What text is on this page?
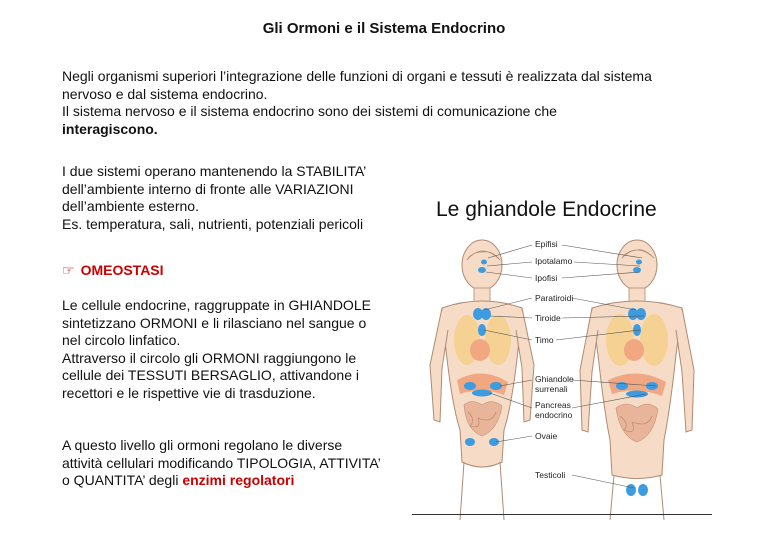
Gli Ormoni e il Sistema Endocrino

Negli organismi superiori l’integrazione delle funzioni di organi e tessuti è realizzata dal sistema

nervoso e dal sistema endocrino.

Il sistema nervoso e il sistema endocrino sono dei sistemi di comunicazione che

interagiscono.

I due sistemi operano mantenendo la STABILITA’

dell’ambiente interno di fronte alle VARIAZIONI

dell’ambiente esterno.

Es. temperatura, sali, nutrienti, potenziali pericoli

☞ OMEOSTASI

Le cellule endocrine, raggruppate in GHIANDOLE

sintetizzano ORMONI e li rilasciano nel sangue o

nel circolo linfatico.

Attraverso il circolo gli ORMONI raggiungono le

cellule dei TESSUTI BERSAGLIO, attivandone i

recettori e le rispettive vie di trasduzione.

A questo livello gli ormoni regolano le diverse

attività cellulari modificando TIPOLOGIA, ATTIVITA’

o QUANTITA’ degli enzimi regolatori

Le ghiandole Endocrine
Epifisi
Ipotalamo
Ipofisi
Paratiroidi
Tiroide
Timo
Ghiandole
surrenali
Pancreas
endocrino
Ovaie
Testicoli
